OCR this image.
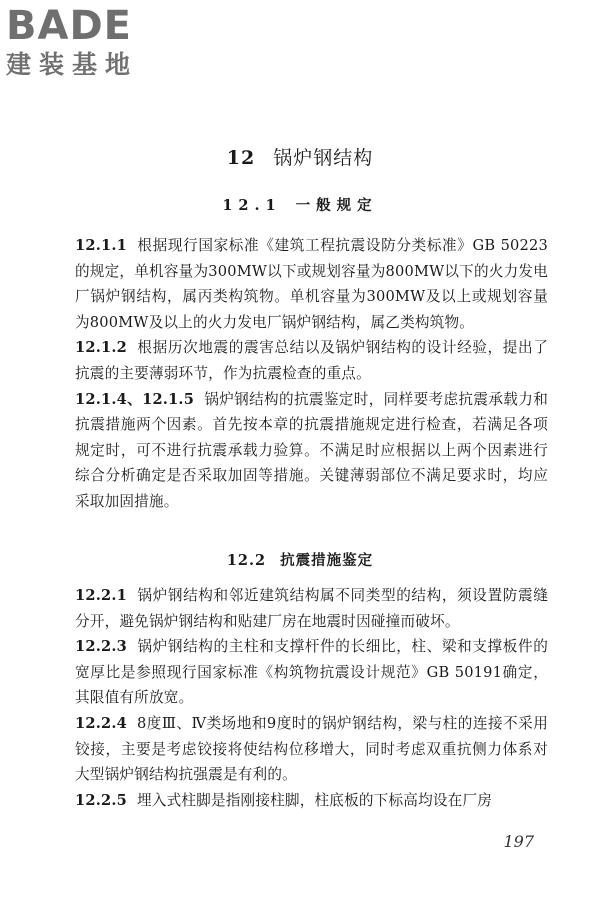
BADE
建装基地
12 锅炉钢结构
12.1 一般规定

12.1.1 根据现行国家标准《建筑工程抗震设防分类标准》GB 50223的规定，单机容量为300MW以下或规划容量为800MW以下的火力发电厂锅炉钢结构，属丙类构筑物。单机容量为300MW及以上或规划容量为800MW及以上的火力发电厂锅炉钢结构，属乙类构筑物。

12.1.2 根据历次地震的震害总结以及锅炉钢结构的设计经验，提出了抗震的主要薄弱环节，作为抗震检查的重点。

12.1.4、12.1.5 锅炉钢结构的抗震鉴定时，同样要考虑抗震承载力和抗震措施两个因素。首先按本章的抗震措施规定进行检查，若满足各项规定时，可不进行抗震承载力验算。不满足时应根据以上两个因素进行综合分析确定是否采取加固等措施。关键薄弱部位不满足要求时，均应采取加固措施。

12.2 抗震措施鉴定

12.2.1 锅炉钢结构和邻近建筑结构属不同类型的结构，须设置防震缝分开，避免锅炉钢结构和贴建厂房在地震时因碰撞而破坏。

12.2.3 锅炉钢结构的主柱和支撑杆件的长细比，柱、梁和支撑板件的宽厚比是参照现行国家标准《构筑物抗震设计规范》GB 50191确定，其限值有所放宽。

12.2.4 8度Ⅲ、Ⅳ类场地和9度时的锅炉钢结构，梁与柱的连接不采用铰接，主要是考虑铰接将使结构位移增大，同时考虑双重抗侧力体系对大型锅炉钢结构抗强震是有利的。

12.2.5 埋入式柱脚是指刚接柱脚，柱底板的下标高均设在厂房

197
